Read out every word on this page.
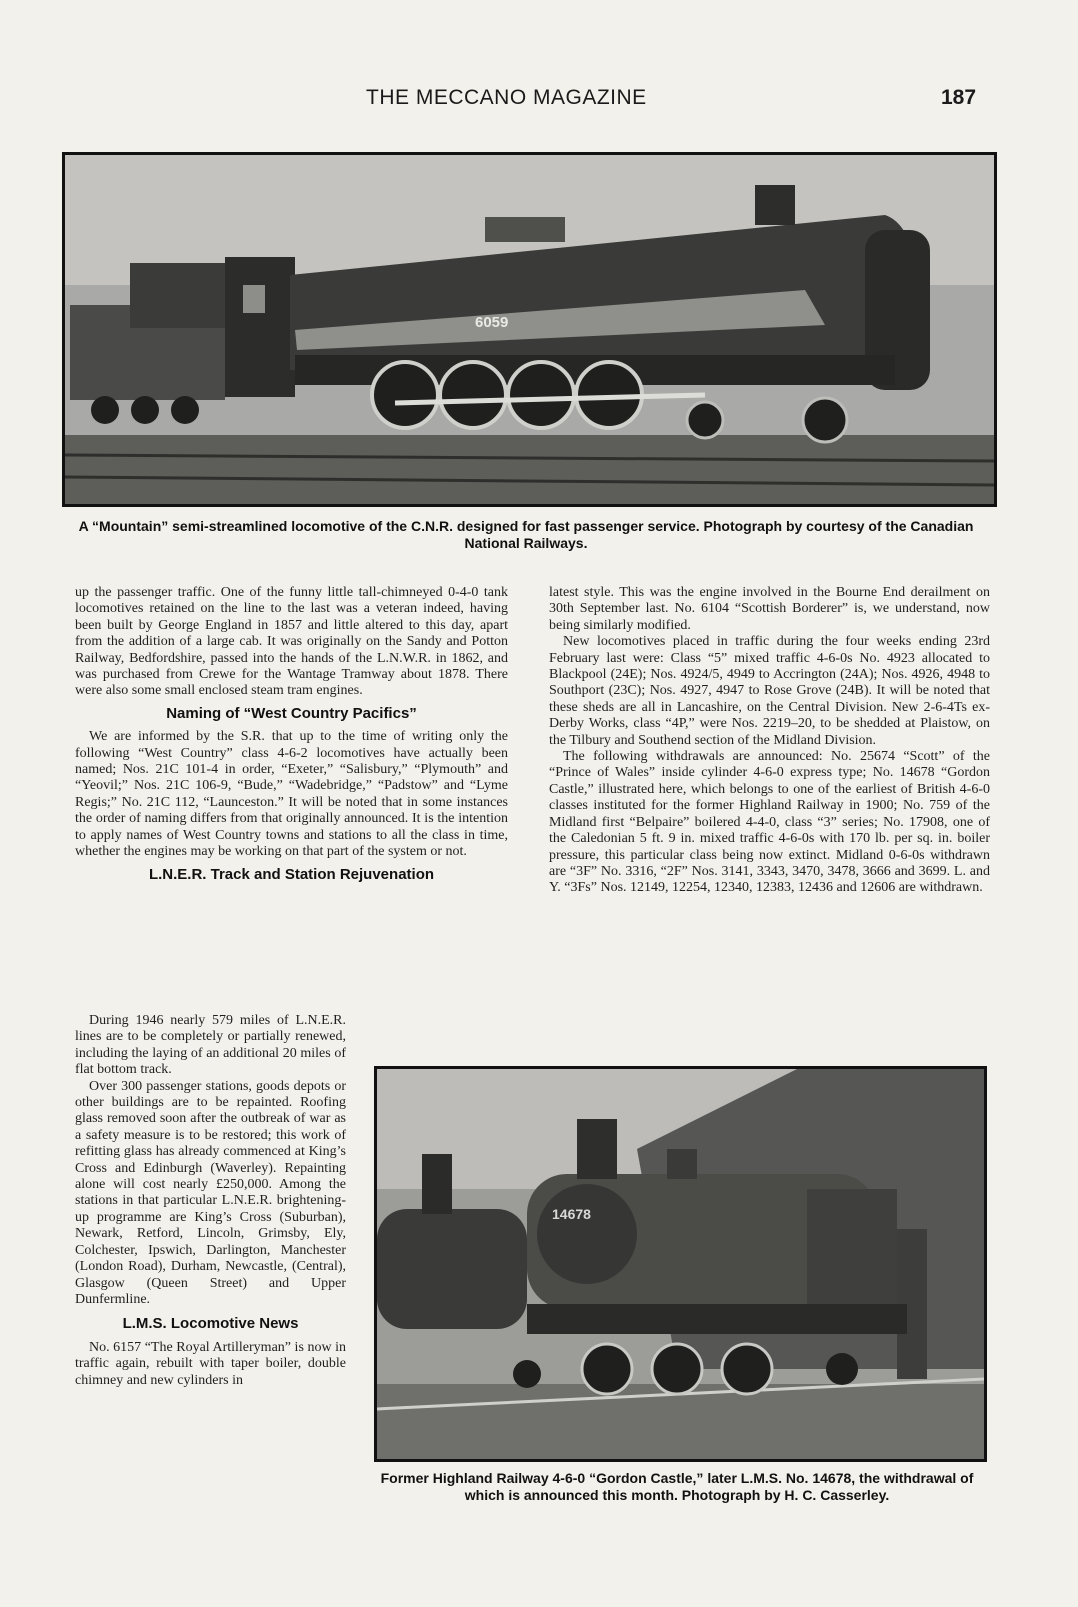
THE MECCANO MAGAZINE	187
6059
A “Mountain” semi-streamlined locomotive of the C.N.R. designed for fast passenger service. Photograph by courtesy of the Canadian National Railways.

up the passenger traffic. One of the funny little tall-chimneyed 0-4-0 tank locomotives retained on the line to the last was a veteran indeed, having been built by George England in 1857 and little altered to this day, apart from the addition of a large cab. It was originally on the Sandy and Potton Railway, Bedfordshire, passed into the hands of the L.N.W.R. in 1862, and was purchased from Crewe for the Wantage Tramway about 1878. There were also some small enclosed steam tram engines.

Naming of “West Country Pacifics”

We are informed by the S.R. that up to the time of writing only the following “West Country” class 4-6-2 locomotives have actually been named; Nos. 21C 101-4 in order, “Exeter,” “Salisbury,” “Plymouth” and “Yeovil;” Nos. 21C 106-9, “Bude,” “Wadebridge,” “Padstow” and “Lyme Regis;” No. 21C 112, “Launceston.” It will be noted that in some instances the order of naming differs from that originally announced. It is the intention to apply names of West Country towns and stations to all the class in time, whether the engines may be working on that part of the system or not.

L.N.E.R. Track and Station Rejuvenation

During 1946 nearly 579 miles of L.N.E.R. lines are to be completely or partially renewed, including the laying of an additional 20 miles of flat bottom track.

Over 300 passenger stations, goods depots or other buildings are to be repainted. Roofing glass removed soon after the outbreak of war as a safety measure is to be restored; this work of refitting glass has already commenced at King’s Cross and Edinburgh (Waverley). Repainting alone will cost nearly £250,000. Among the stations in that particular L.N.E.R. brightening-up programme are King’s Cross (Suburban), Newark, Retford, Lincoln, Grimsby, Ely, Colchester, Ipswich, Darlington, Manchester (London Road), Durham, Newcastle, (Central), Glasgow (Queen Street) and Upper Dunfermline.

L.M.S. Locomotive News

No. 6157 “The Royal Artilleryman” is now in traffic again, rebuilt with taper boiler, double chimney and new cylinders in

latest style. This was the engine involved in the Bourne End derailment on 30th September last. No. 6104 “Scottish Borderer” is, we understand, now being similarly modified.

New locomotives placed in traffic during the four weeks ending 23rd February last were: Class “5” mixed traffic 4-6-0s No. 4923 allocated to Blackpool (24E); Nos. 4924/5, 4949 to Accrington (24A); Nos. 4926, 4948 to Southport (23C); Nos. 4927, 4947 to Rose Grove (24B). It will be noted that these sheds are all in Lancashire, on the Central Division. New 2-6-4Ts ex-Derby Works, class “4P,” were Nos. 2219–20, to be shedded at Plaistow, on the Tilbury and Southend section of the Midland Division.

The following withdrawals are announced: No. 25674 “Scott” of the “Prince of Wales” inside cylinder 4-6-0 express type; No. 14678 “Gordon Castle,” illustrated here, which belongs to one of the earliest of British 4-6-0 classes instituted for the former Highland Railway in 1900; No. 759 of the Midland first “Belpaire” boilered 4-4-0, class “3” series; No. 17908, one of the Caledonian 5 ft. 9 in. mixed traffic 4-6-0s with 170 lb. per sq. in. boiler pressure, this particular class being now extinct. Midland 0-6-0s withdrawn are “3F” No. 3316, “2F” Nos. 3141, 3343, 3470, 3478, 3666 and 3699. L. and Y. “3Fs” Nos. 12149, 12254, 12340, 12383, 12436 and 12606 are withdrawn.

14678
Former Highland Railway 4-6-0 “Gordon Castle,” later L.M.S. No. 14678, the withdrawal of which is announced this month. Photograph by H. C. Casserley.
